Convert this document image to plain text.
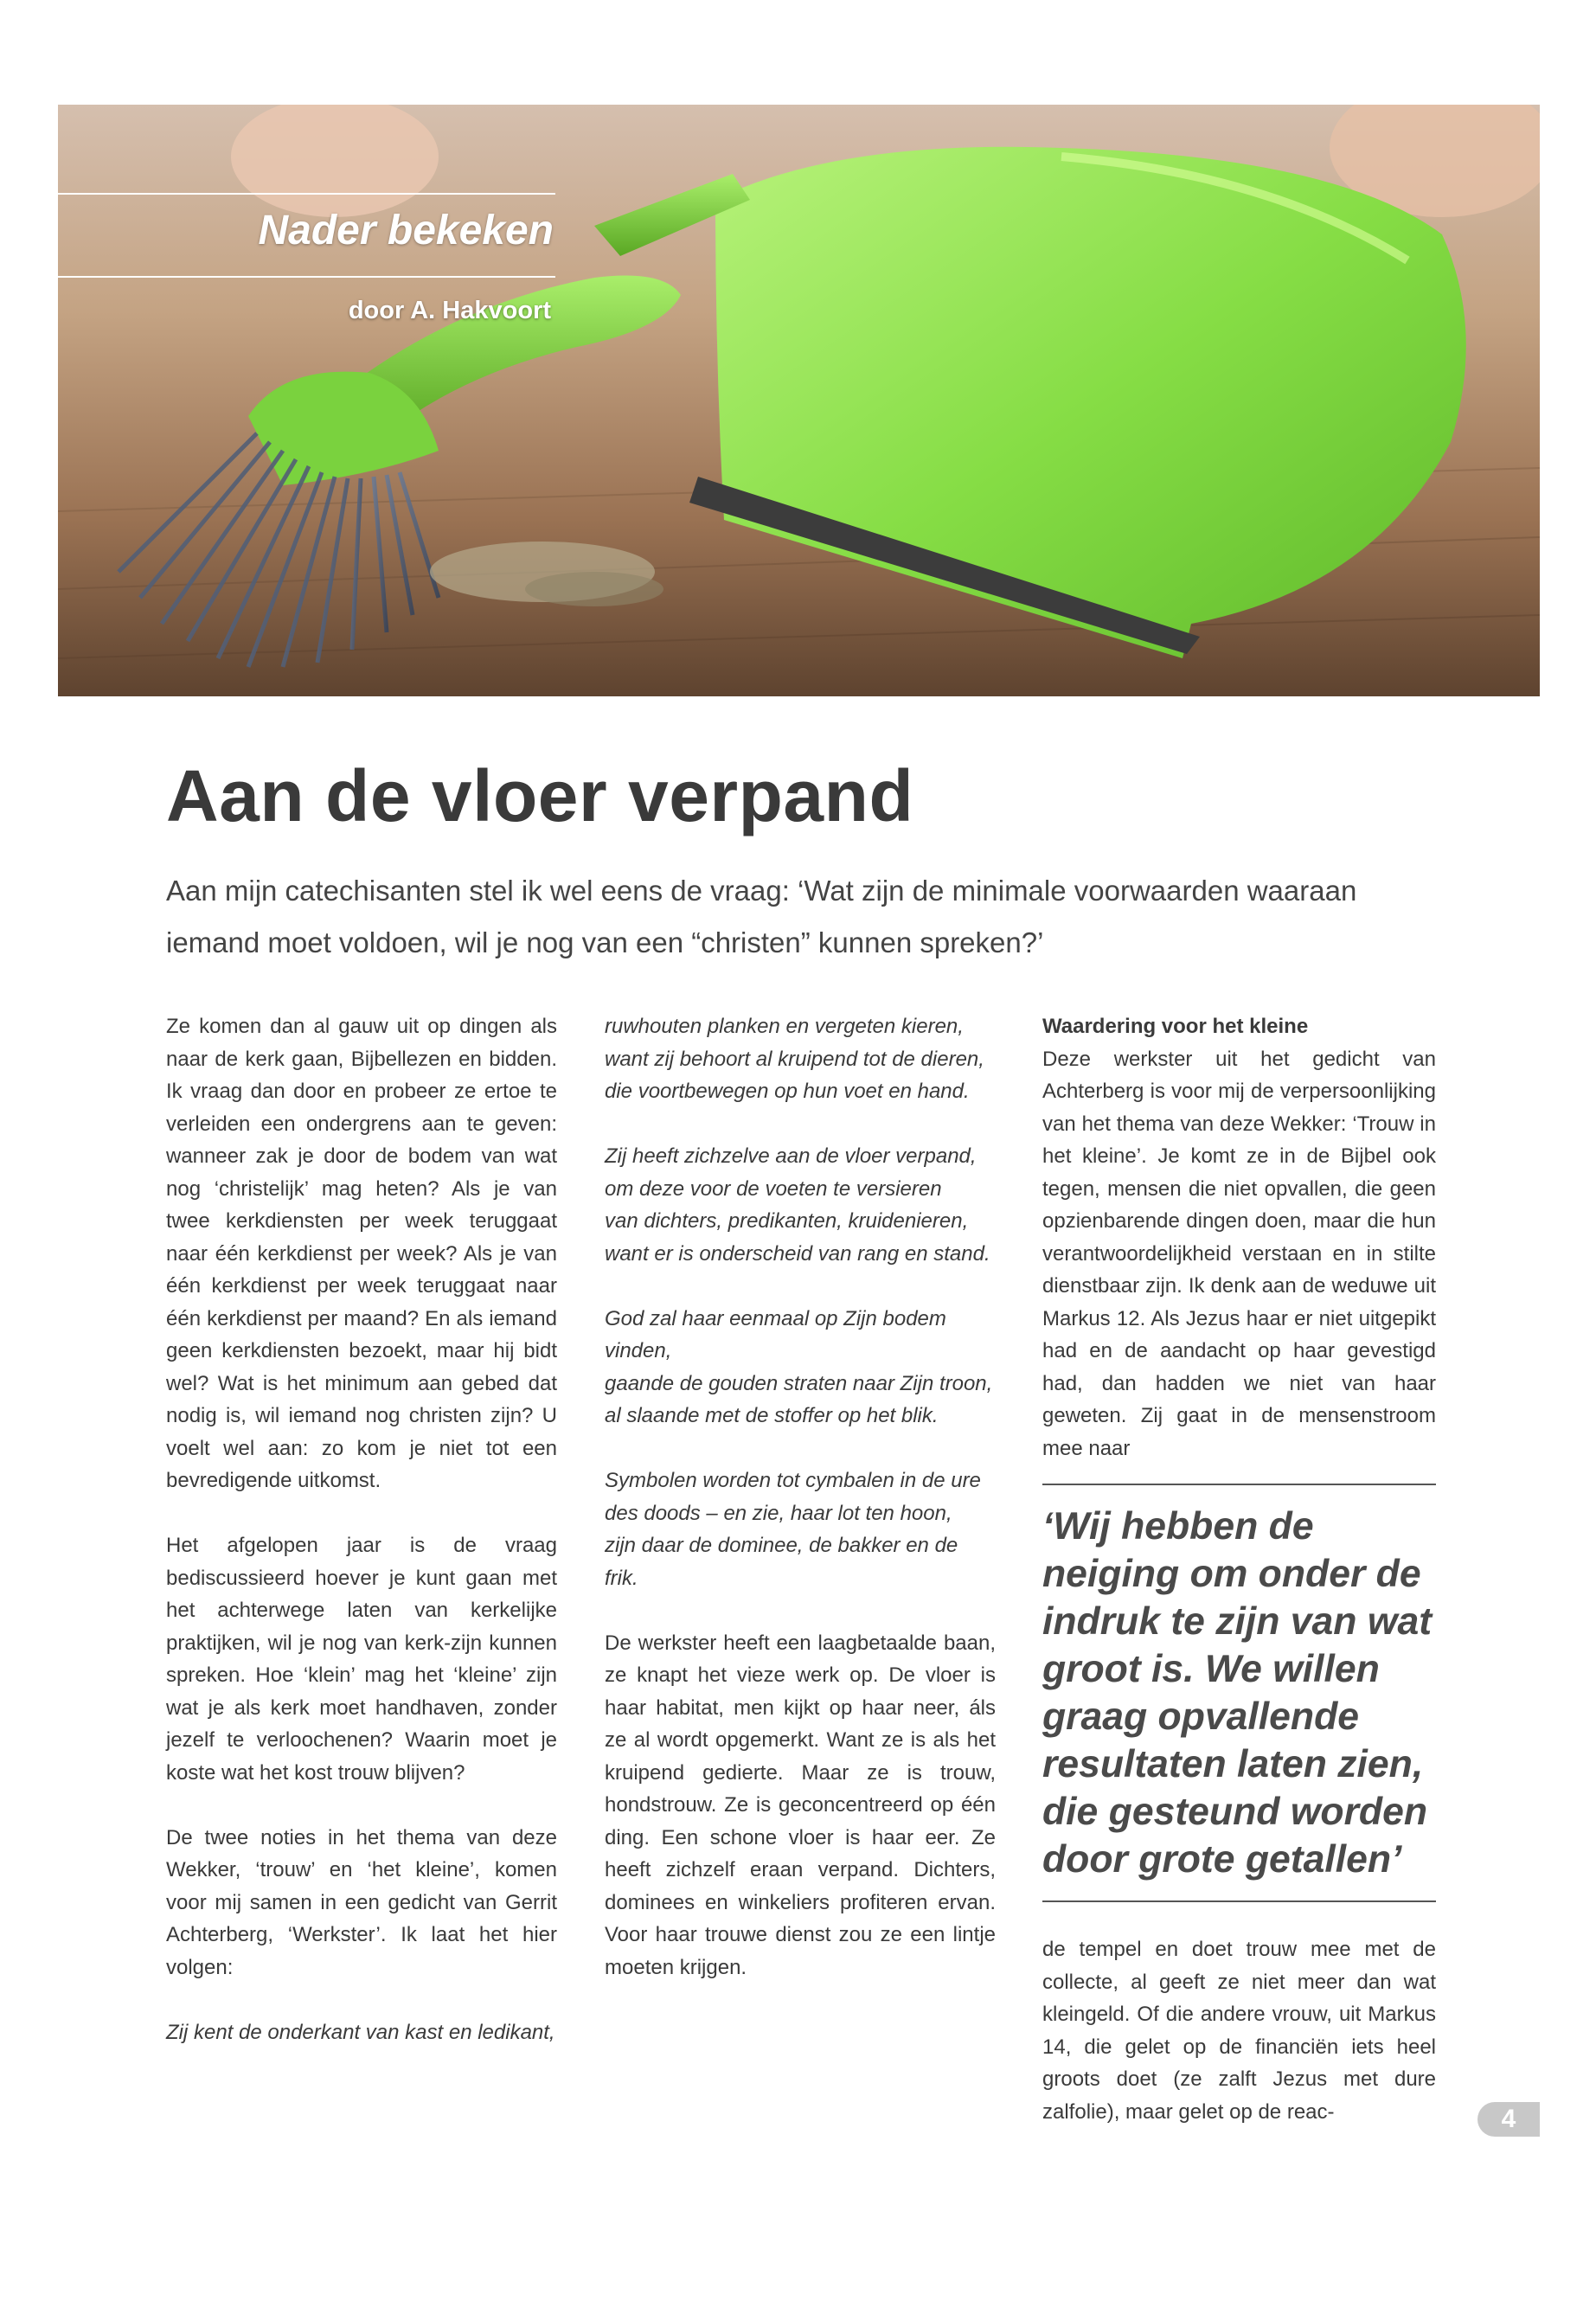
Nader bekeken
door A. Hakvoort
Aan de vloer verpand

Aan mijn catechisanten stel ik wel eens de vraag: ‘Wat zijn de minimale voorwaarden waaraan iemand moet voldoen, wil je nog van een “christen” kunnen spreken?’

Ze komen dan al gauw uit op dingen als naar de kerk gaan, Bijbellezen en bidden. Ik vraag dan door en probeer ze ertoe te verleiden een ondergrens aan te geven: wanneer zak je door de bodem van wat nog ‘christelijk’ mag heten? Als je van twee kerkdiensten per week teruggaat naar één kerkdienst per week? Als je van één kerkdienst per week teruggaat naar één kerkdienst per maand? En als iemand geen kerkdiensten bezoekt, maar hij bidt wel? Wat is het minimum aan gebed dat nodig is, wil iemand nog christen zijn? U voelt wel aan: zo kom je niet tot een bevredigende uitkomst.

Het afgelopen jaar is de vraag bediscussieerd hoever je kunt gaan met het achterwege laten van kerkelijke praktijken, wil je nog van kerk-zijn kunnen spreken. Hoe ‘klein’ mag het ‘kleine’ zijn wat je als kerk moet handhaven, zonder jezelf te verloochenen? Waarin moet je koste wat het kost trouw blijven?

De twee noties in het thema van deze Wekker, ‘trouw’ en ‘het kleine’, komen voor mij samen in een gedicht van Gerrit Achterberg, ‘Werkster’. Ik laat het hier volgen:

Zij kent de onderkant van kast en ledikant,

ruwhouten planken en vergeten kieren,
want zij behoort al kruipend tot de dieren,
die voortbewegen op hun voet en hand.

Zij heeft zichzelve aan de vloer verpand,
om deze voor de voeten te versieren
van dichters, predikanten, kruidenieren,
want er is onderscheid van rang en stand.

God zal haar eenmaal op Zijn bodem vinden,
gaande de gouden straten naar Zijn troon,
al slaande met de stoffer op het blik.

Symbolen worden tot cymbalen in de ure des doods – en zie, haar lot ten hoon,
zijn daar de dominee, de bakker en de frik.

De werkster heeft een laagbetaalde baan, ze knapt het vieze werk op. De vloer is haar habitat, men kijkt op haar neer, áls ze al wordt opgemerkt. Want ze is als het kruipend gedierte. Maar ze is trouw, hondstrouw. Ze is geconcentreerd op één ding. Een schone vloer is haar eer. Ze heeft zichzelf eraan verpand. Dichters, dominees en winkeliers profiteren ervan. Voor haar trouwe dienst zou ze een lintje moeten krijgen.

Waardering voor het kleine
Deze werkster uit het gedicht van Achterberg is voor mij de verpersoonlijking van het thema van deze Wekker: ‘Trouw in het kleine’. Je komt ze in de Bijbel ook tegen, mensen die niet opvallen, die geen opzienbarende dingen doen, maar die hun verantwoordelijkheid verstaan en in stilte dienstbaar zijn. Ik denk aan de weduwe uit Markus 12. Als Jezus haar er niet uitgepikt had en de aandacht op haar gevestigd had, dan hadden we niet van haar geweten. Zij gaat in de mensenstroom mee naar

‘Wij hebben de neiging om onder de indruk te zijn van wat groot is. We willen graag opvallende resultaten laten zien, die gesteund worden door grote getallen’

de tempel en doet trouw mee met de collecte, al geeft ze niet meer dan wat kleingeld. Of die andere vrouw, uit Markus 14, die gelet op de financiën iets heel groots doet (ze zalft Jezus met dure zalfolie), maar gelet op de reac-	4
